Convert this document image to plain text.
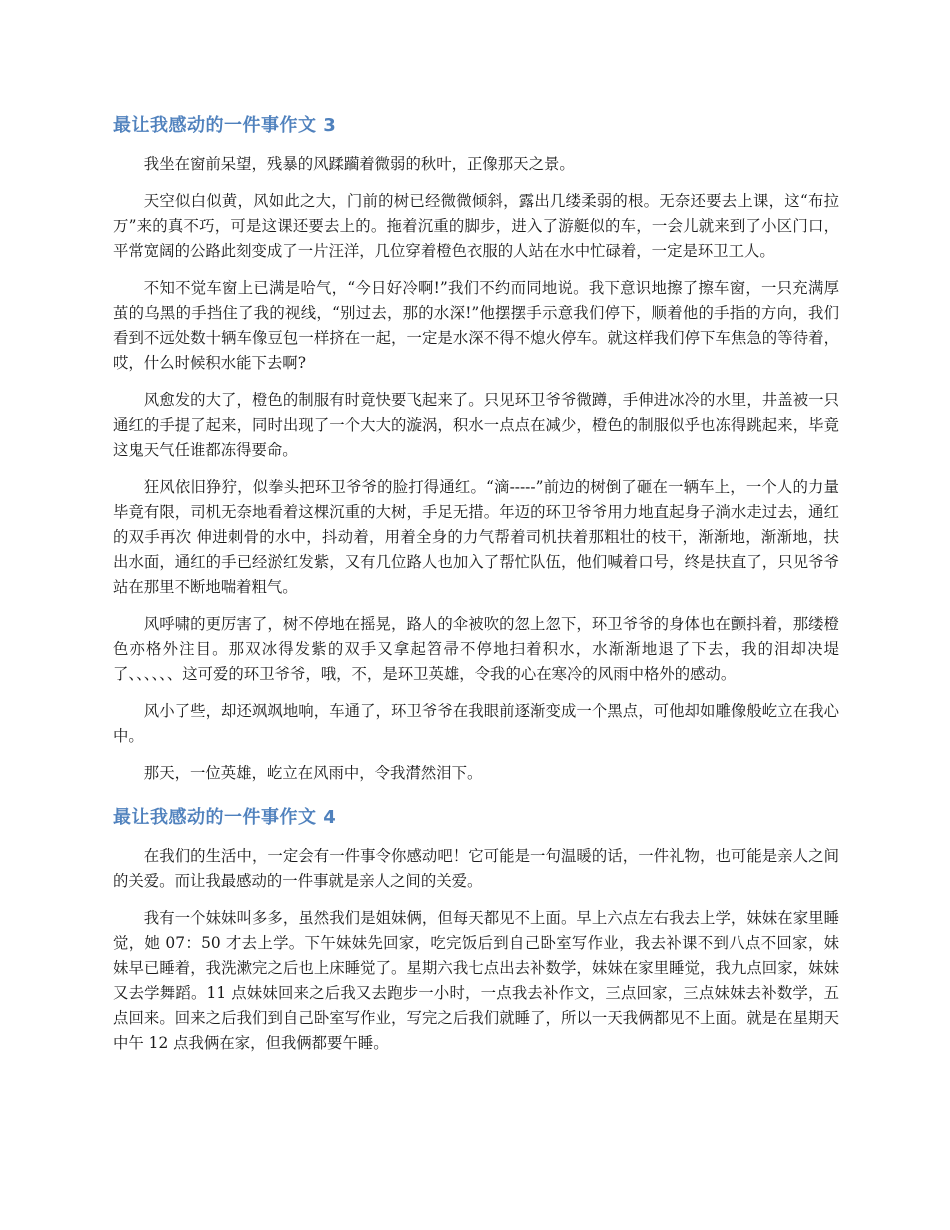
最让我感动的一件事作文 3

我坐在窗前呆望，残暴的风蹂躏着微弱的秋叶，正像那天之景。

天空似白似黄，风如此之大，门前的树已经微微倾斜，露出几缕柔弱的根。无奈还要去上课，这“布拉万”来的真不巧，可是这课还要去上的。拖着沉重的脚步，进入了游艇似的车，一会儿就来到了小区门口，平常宽阔的公路此刻变成了一片汪洋，几位穿着橙色衣服的人站在水中忙碌着，一定是环卫工人。

不知不觉车窗上已满是哈气，“今日好冷啊!”我们不约而同地说。我下意识地擦了擦车窗，一只充满厚茧的乌黑的手挡住了我的视线，“别过去，那的水深!”他摆摆手示意我们停下，顺着他的手指的方向，我们看到不远处数十辆车像豆包一样挤在一起，一定是水深不得不熄火停车。就这样我们停下车焦急的等待着，哎，什么时候积水能下去啊?

风愈发的大了，橙色的制服有时竟快要飞起来了。只见环卫爷爷微蹲，手伸进冰冷的水里，井盖被一只通红的手提了起来，同时出现了一个大大的漩涡，积水一点点在减少，橙色的制服似乎也冻得跳起来，毕竟这鬼天气任谁都冻得要命。

狂风依旧狰狞，似拳头把环卫爷爷的脸打得通红。“滴-----”前边的树倒了砸在一辆车上，一个人的力量毕竟有限，司机无奈地看着这棵沉重的大树，手足无措。年迈的环卫爷爷用力地直起身子淌水走过去，通红的双手再次 伸进刺骨的水中，抖动着，用着全身的力气帮着司机扶着那粗壮的枝干，渐渐地，渐渐地，扶出水面，通红的手已经淤红发紫，又有几位路人也加入了帮忙队伍，他们喊着口号，终是扶直了，只见爷爷站在那里不断地喘着粗气。

风呼啸的更厉害了，树不停地在摇晃，路人的伞被吹的忽上忽下，环卫爷爷的身体也在颤抖着，那缕橙色亦格外注目。那双冰得发紫的双手又拿起笤帚不停地扫着积水，水渐渐地退了下去，我的泪却决堤了、、、、、、这可爱的环卫爷爷，哦，不，是环卫英雄，令我的心在寒冷的风雨中格外的感动。

风小了些，却还飒飒地响，车通了，环卫爷爷在我眼前逐渐变成一个黑点，可他却如雕像般屹立在我心中。

那天，一位英雄，屹立在风雨中，令我潸然泪下。

最让我感动的一件事作文 4

在我们的生活中，一定会有一件事令你感动吧！它可能是一句温暖的话，一件礼物，也可能是亲人之间的关爱。而让我最感动的一件事就是亲人之间的关爱。

我有一个妹妹叫多多，虽然我们是姐妹俩，但每天都见不上面。早上六点左右我去上学，妹妹在家里睡觉，她 07：50 才去上学。下午妹妹先回家，吃完饭后到自己卧室写作业，我去补课不到八点不回家，妹妹早已睡着，我洗漱完之后也上床睡觉了。星期六我七点出去补数学，妹妹在家里睡觉，我九点回家，妹妹又去学舞蹈。11 点妹妹回来之后我又去跑步一小时，一点我去补作文，三点回家，三点妹妹去补数学，五点回来。回来之后我们到自己卧室写作业，写完之后我们就睡了，所以一天我俩都见不上面。就是在星期天中午 12 点我俩在家，但我俩都要午睡。
